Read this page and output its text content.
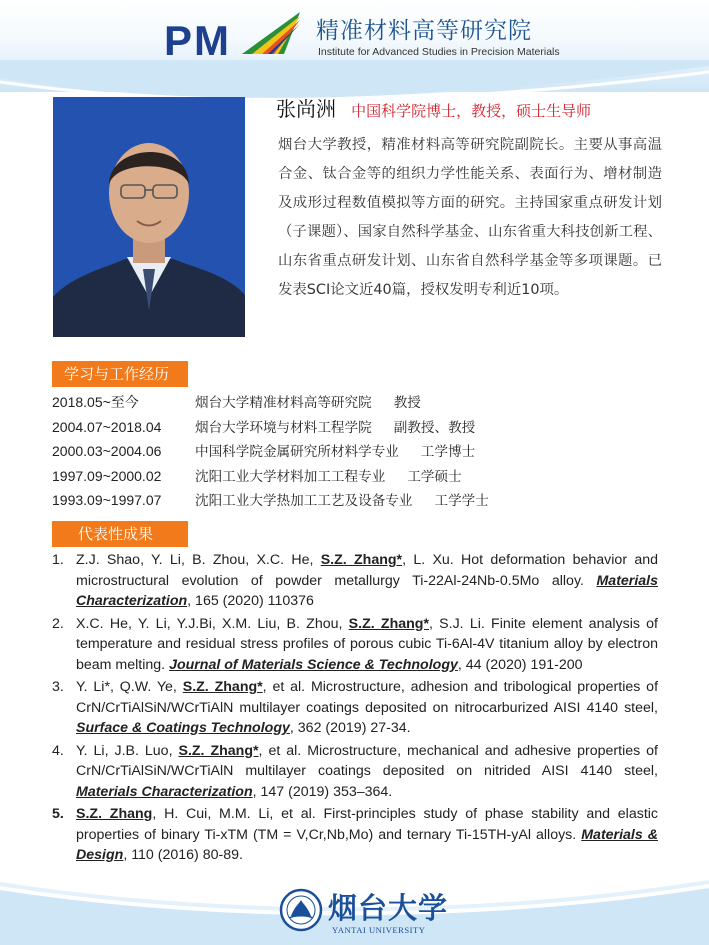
PM	精准材料高等研究院
Institute for Advanced Studies in Precision Materials
张尚洲 中国科学院博士，教授，硕士生导师
烟台大学教授，精准材料高等研究院副院长。主要从事高温合金、钛合金等的组织力学性能关系、表面行为、增材制造及成形过程数值模拟等方面的研究。主持国家重点研发计划（子课题）、国家自然科学基金、山东省重大科技创新工程、山东省重点研发计划、山东省自然科学基金等多项课题。已发表SCI论文近40篇，授权发明专利近10项。
学习与工作经历
2018.05~至今	烟台大学精准材料高等研究院 教授
2004.07~2018.04 烟台大学环境与材料工程学院 副教授、教授
2000.03~2004.06 中国科学院金属研究所材料学专业 工学博士
1997.09~2000.02 沈阳工业大学材料加工工程专业 工学硕士
1993.09~1997.07 沈阳工业大学热加工工艺及设备专业 工学学士
代表性成果
1. Z.J. Shao, Y. Li, B. Zhou, X.C. He, S.Z. Zhang*, L. Xu. Hot deformation behavior and microstructural evolution of powder metallurgy Ti-22Al-24Nb-0.5Mo alloy. Materials Characterization, 165 (2020) 110376
2. X.C. He, Y. Li, Y.J.Bi, X.M. Liu, B. Zhou, S.Z. Zhang*, S.J. Li. Finite element analysis of temperature and residual stress profiles of porous cubic Ti-6Al-4V titanium alloy by electron beam melting. Journal of Materials Science & Technology, 44 (2020) 191-200
3. Y. Li*, Q.W. Ye, S.Z. Zhang*, et al. Microstructure, adhesion and tribological properties of CrN/CrTiAlSiN/WCrTiAlN multilayer coatings deposited on nitrocarburized AISI 4140 steel, Surface & Coatings Technology, 362 (2019) 27-34.
4. Y. Li, J.B. Luo, S.Z. Zhang*, et al. Microstructure, mechanical and adhesive properties of CrN/CrTiAlSiN/WCrTiAlN multilayer coatings deposited on nitrided AISI 4140 steel, Materials Characterization, 147 (2019) 353–364.
5. S.Z. Zhang, H. Cui, M.M. Li, et al. First-principles study of phase stability and elastic properties of binary Ti-xTM (TM = V,Cr,Nb,Mo) and ternary Ti-15TH-yAl alloys. Materials & Design, 110 (2016) 80-89.
烟台大学
YANTAI UNIVERSITY
